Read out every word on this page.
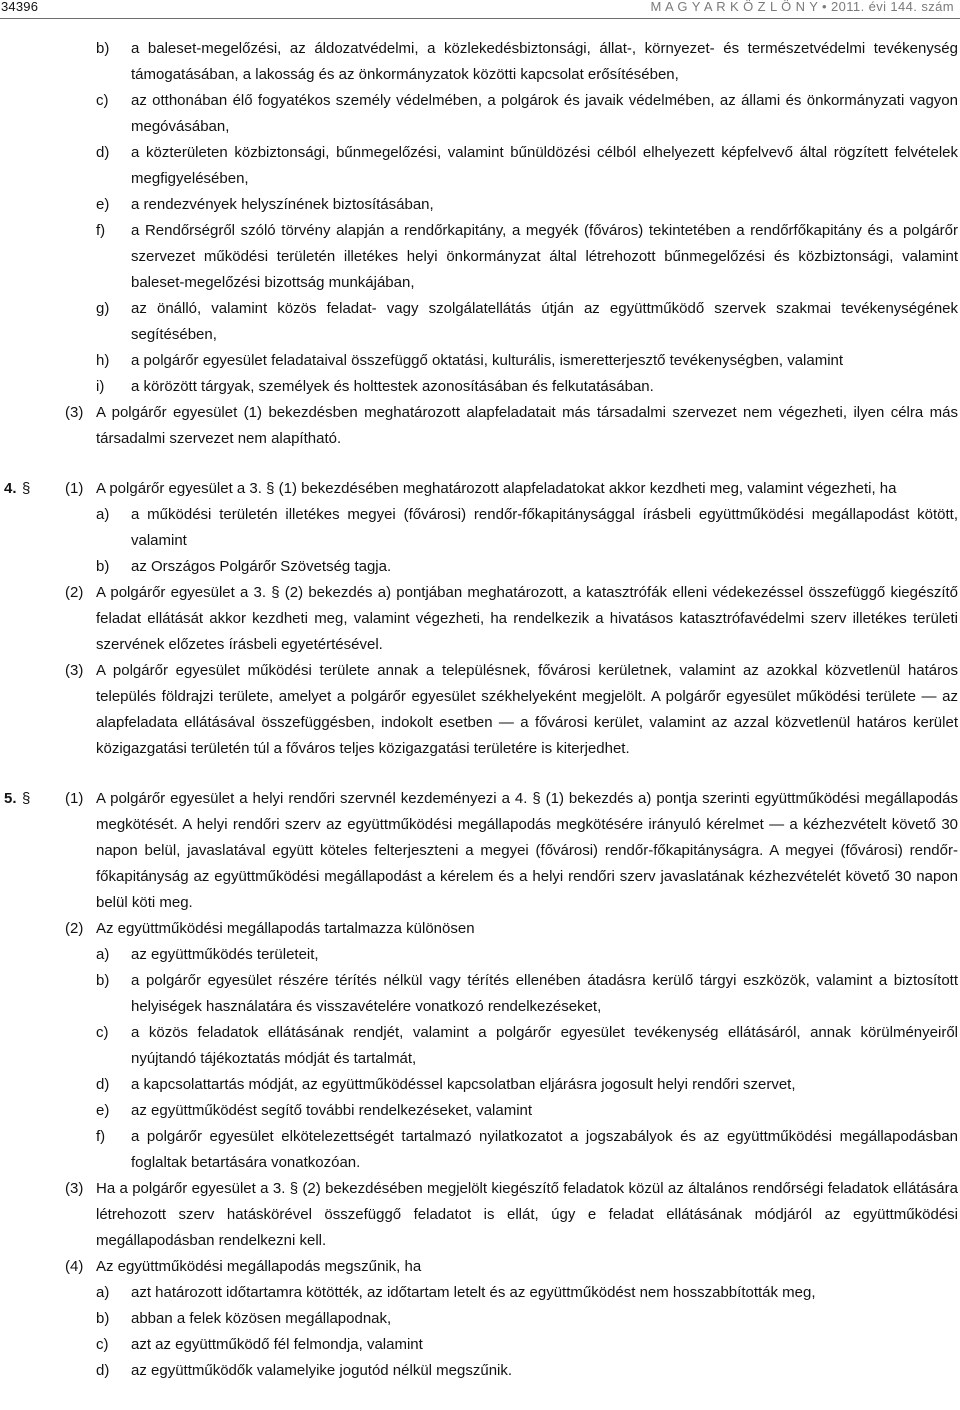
34396	M A G Y A R K Ö Z L Ö N Y • 2011. évi 144. szám

b) a baleset-megelőzési, az áldozatvédelmi, a közlekedésbiztonsági, állat-, környezet- és természetvédelmi tevékenység támogatásában, a lakosság és az önkormányzatok közötti kapcsolat erősítésében,

c) az otthonában élő fogyatékos személy védelmében, a polgárok és javaik védelmében, az állami és önkormányzati vagyon megóvásában,

d) a közterületen közbiztonsági, bűnmegelőzési, valamint bűnüldözési célból elhelyezett képfelvevő által rögzített felvételek megfigyelésében,

e) a rendezvények helyszínének biztosításában,

f) a Rendőrségről szóló törvény alapján a rendőrkapitány, a megyék (főváros) tekintetében a rendőrfőkapitány és a polgárőr szervezet működési területén illetékes helyi önkormányzat által létrehozott bűnmegelőzési és közbiztonsági, valamint baleset-megelőzési bizottság munkájában,

g) az önálló, valamint közös feladat- vagy szolgálatellátás útján az együttműködő szervek szakmai tevékenységének segítésében,

h) a polgárőr egyesület feladataival összefüggő oktatási, kulturális, ismeretterjesztő tevékenységben, valamint

i) a körözött tárgyak, személyek és holttestek azonosításában és felkutatásában.

(3) A polgárőr egyesület (1) bekezdésben meghatározott alapfeladatait más társadalmi szervezet nem végezheti, ilyen célra más társadalmi szervezet nem alapítható.

4. § (1) A polgárőr egyesület a 3. § (1) bekezdésében meghatározott alapfeladatokat akkor kezdheti meg, valamint végezheti, ha

a) a működési területén illetékes megyei (fővárosi) rendőr-főkapitánysággal írásbeli együttműködési megállapodást kötött, valamint

b) az Országos Polgárőr Szövetség tagja.

(2) A polgárőr egyesület a 3. § (2) bekezdés a) pontjában meghatározott, a katasztrófák elleni védekezéssel összefüggő kiegészítő feladat ellátását akkor kezdheti meg, valamint végezheti, ha rendelkezik a hivatásos katasztrófavédelmi szerv illetékes területi szervének előzetes írásbeli egyetértésével.

(3) A polgárőr egyesület működési területe annak a településnek, fővárosi kerületnek, valamint az azokkal közvetlenül határos település földrajzi területe, amelyet a polgárőr egyesület székhelyeként megjelölt. A polgárőr egyesület működési területe — az alapfeladata ellátásával összefüggésben, indokolt esetben — a fővárosi kerület, valamint az azzal közvetlenül határos kerület közigazgatási területén túl a főváros teljes közigazgatási területére is kiterjedhet.

5. § (1) A polgárőr egyesület a helyi rendőri szervnél kezdeményezi a 4. § (1) bekezdés a) pontja szerinti együttműködési megállapodás megkötését. A helyi rendőri szerv az együttműködési megállapodás megkötésére irányuló kérelmet — a kézhezvételt követő 30 napon belül, javaslatával együtt köteles felterjeszteni a megyei (fővárosi) rendőr-főkapitányságra. A megyei (fővárosi) rendőr-főkapitányság az együttműködési megállapodást a kérelem és a helyi rendőri szerv javaslatának kézhezvételét követő 30 napon belül köti meg.

(2) Az együttműködési megállapodás tartalmazza különösen

a) az együttműködés területeit,

b) a polgárőr egyesület részére térítés nélkül vagy térítés ellenében átadásra kerülő tárgyi eszközök, valamint a biztosított helyiségek használatára és visszavételére vonatkozó rendelkezéseket,

c) a közös feladatok ellátásának rendjét, valamint a polgárőr egyesület tevékenység ellátásáról, annak körülményeiről nyújtandó tájékoztatás módját és tartalmát,

d) a kapcsolattartás módját, az együttműködéssel kapcsolatban eljárásra jogosult helyi rendőri szervet,

e) az együttműködést segítő további rendelkezéseket, valamint

f) a polgárőr egyesület elkötelezettségét tartalmazó nyilatkozatot a jogszabályok és az együttműködési megállapodásban foglaltak betartására vonatkozóan.

(3) Ha a polgárőr egyesület a 3. § (2) bekezdésében megjelölt kiegészítő feladatok közül az általános rendőrségi feladatok ellátására létrehozott szerv hatáskörével összefüggő feladatot is ellát, úgy e feladat ellátásának módjáról az együttműködési megállapodásban rendelkezni kell.

(4) Az együttműködési megállapodás megszűnik, ha

a) azt határozott időtartamra kötötték, az időtartam letelt és az együttműködést nem hosszabbították meg,

b) abban a felek közösen megállapodnak,

c) azt az együttműködő fél felmondja, valamint

d) az együttműködők valamelyike jogutód nélkül megszűnik.
